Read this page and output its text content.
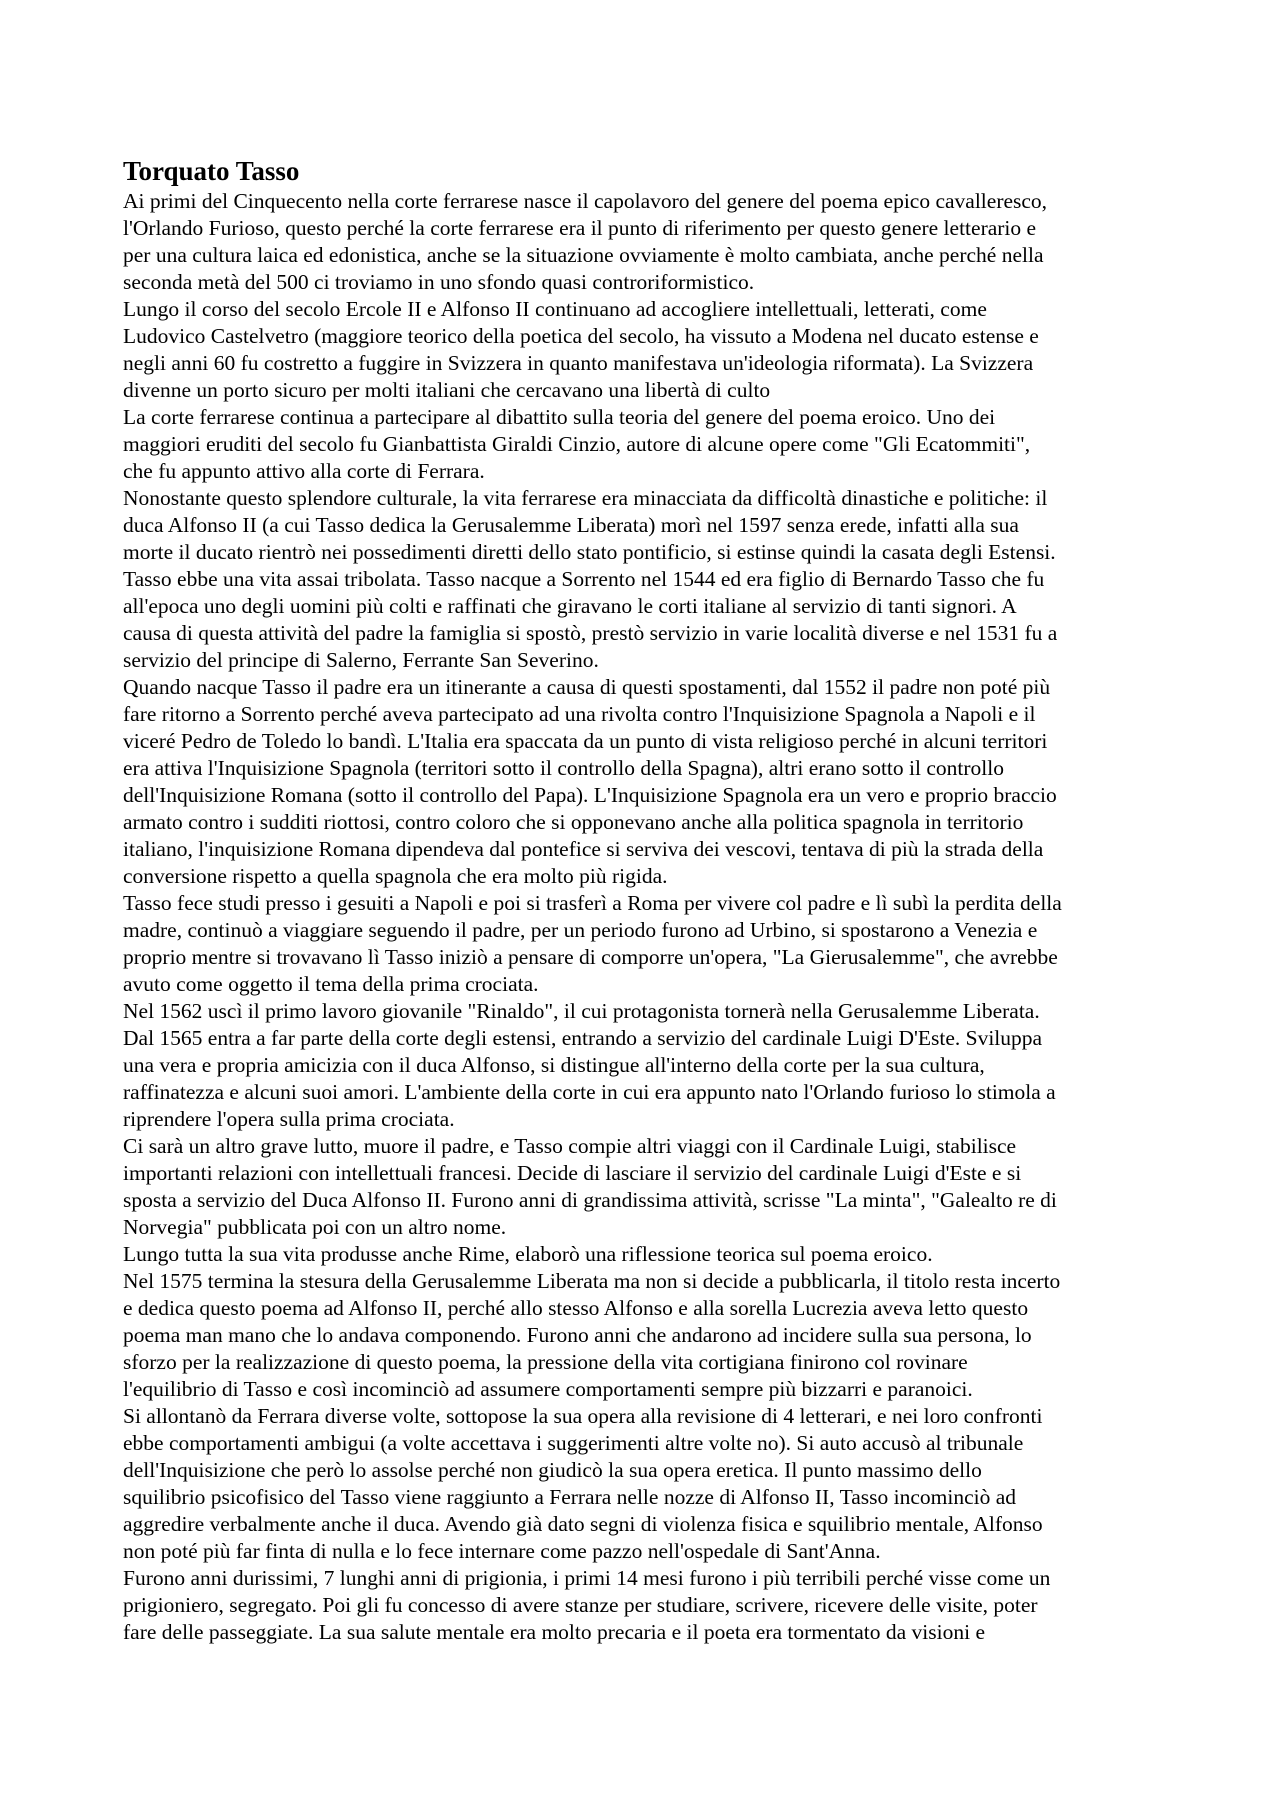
Torquato Tasso

Ai primi del Cinquecento nella corte ferrarese nasce il capolavoro del genere del poema epico cavalleresco,
l'Orlando Furioso, questo perché la corte ferrarese era il punto di riferimento per questo genere letterario e
per una cultura laica ed edonistica, anche se la situazione ovviamente è molto cambiata, anche perché nella
seconda metà del 500 ci troviamo in uno sfondo quasi controriformistico.

Lungo il corso del secolo Ercole II e Alfonso II continuano ad accogliere intellettuali, letterati, come
Ludovico Castelvetro (maggiore teorico della poetica del secolo, ha vissuto a Modena nel ducato estense e
negli anni 60 fu costretto a fuggire in Svizzera in quanto manifestava un'ideologia riformata). La Svizzera
divenne un porto sicuro per molti italiani che cercavano una libertà di culto

La corte ferrarese continua a partecipare al dibattito sulla teoria del genere del poema eroico. Uno dei
maggiori eruditi del secolo fu Gianbattista Giraldi Cinzio, autore di alcune opere come "Gli Ecatommiti",
che fu appunto attivo alla corte di Ferrara.

Nonostante questo splendore culturale, la vita ferrarese era minacciata da difficoltà dinastiche e politiche: il
duca Alfonso II (a cui Tasso dedica la Gerusalemme Liberata) morì nel 1597 senza erede, infatti alla sua
morte il ducato rientrò nei possedimenti diretti dello stato pontificio, si estinse quindi la casata degli Estensi.

Tasso ebbe una vita assai tribolata. Tasso nacque a Sorrento nel 1544 ed era figlio di Bernardo Tasso che fu
all'epoca uno degli uomini più colti e raffinati che giravano le corti italiane al servizio di tanti signori. A
causa di questa attività del padre la famiglia si spostò, prestò servizio in varie località diverse e nel 1531 fu a
servizio del principe di Salerno, Ferrante San Severino.

Quando nacque Tasso il padre era un itinerante a causa di questi spostamenti, dal 1552 il padre non poté più
fare ritorno a Sorrento perché aveva partecipato ad una rivolta contro l'Inquisizione Spagnola a Napoli e il
viceré Pedro de Toledo lo bandì. L'Italia era spaccata da un punto di vista religioso perché in alcuni territori
era attiva l'Inquisizione Spagnola (territori sotto il controllo della Spagna), altri erano sotto il controllo
dell'Inquisizione Romana (sotto il controllo del Papa). L'Inquisizione Spagnola era un vero e proprio braccio
armato contro i sudditi riottosi, contro coloro che si opponevano anche alla politica spagnola in territorio
italiano, l'inquisizione Romana dipendeva dal pontefice si serviva dei vescovi, tentava di più la strada della
conversione rispetto a quella spagnola che era molto più rigida.

Tasso fece studi presso i gesuiti a Napoli e poi si trasferì a Roma per vivere col padre e lì subì la perdita della
madre, continuò a viaggiare seguendo il padre, per un periodo furono ad Urbino, si spostarono a Venezia e
proprio mentre si trovavano lì Tasso iniziò a pensare di comporre un'opera, "La Gierusalemme", che avrebbe
avuto come oggetto il tema della prima crociata.

Nel 1562 uscì il primo lavoro giovanile "Rinaldo", il cui protagonista tornerà nella Gerusalemme Liberata.

Dal 1565 entra a far parte della corte degli estensi, entrando a servizio del cardinale Luigi D'Este. Sviluppa
una vera e propria amicizia con il duca Alfonso, si distingue all'interno della corte per la sua cultura,
raffinatezza e alcuni suoi amori. L'ambiente della corte in cui era appunto nato l'Orlando furioso lo stimola a
riprendere l'opera sulla prima crociata.

Ci sarà un altro grave lutto, muore il padre, e Tasso compie altri viaggi con il Cardinale Luigi, stabilisce
importanti relazioni con intellettuali francesi. Decide di lasciare il servizio del cardinale Luigi d'Este e si
sposta a servizio del Duca Alfonso II. Furono anni di grandissima attività, scrisse "La minta", "Galealto re di
Norvegia" pubblicata poi con un altro nome.

Lungo tutta la sua vita produsse anche Rime, elaborò una riflessione teorica sul poema eroico.

Nel 1575 termina la stesura della Gerusalemme Liberata ma non si decide a pubblicarla, il titolo resta incerto
e dedica questo poema ad Alfonso II, perché allo stesso Alfonso e alla sorella Lucrezia aveva letto questo
poema man mano che lo andava componendo. Furono anni che andarono ad incidere sulla sua persona, lo
sforzo per la realizzazione di questo poema, la pressione della vita cortigiana finirono col rovinare
l'equilibrio di Tasso e così incominciò ad assumere comportamenti sempre più bizzarri e paranoici.

Si allontanò da Ferrara diverse volte, sottopose la sua opera alla revisione di 4 letterari, e nei loro confronti
ebbe comportamenti ambigui (a volte accettava i suggerimenti altre volte no). Si auto accusò al tribunale
dell'Inquisizione che però lo assolse perché non giudicò la sua opera eretica. Il punto massimo dello
squilibrio psicofisico del Tasso viene raggiunto a Ferrara nelle nozze di Alfonso II, Tasso incominciò ad
aggredire verbalmente anche il duca. Avendo già dato segni di violenza fisica e squilibrio mentale, Alfonso
non poté più far finta di nulla e lo fece internare come pazzo nell'ospedale di Sant'Anna.

Furono anni durissimi, 7 lunghi anni di prigionia, i primi 14 mesi furono i più terribili perché visse come un
prigioniero, segregato. Poi gli fu concesso di avere stanze per studiare, scrivere, ricevere delle visite, poter
fare delle passeggiate. La sua salute mentale era molto precaria e il poeta era tormentato da visioni e
